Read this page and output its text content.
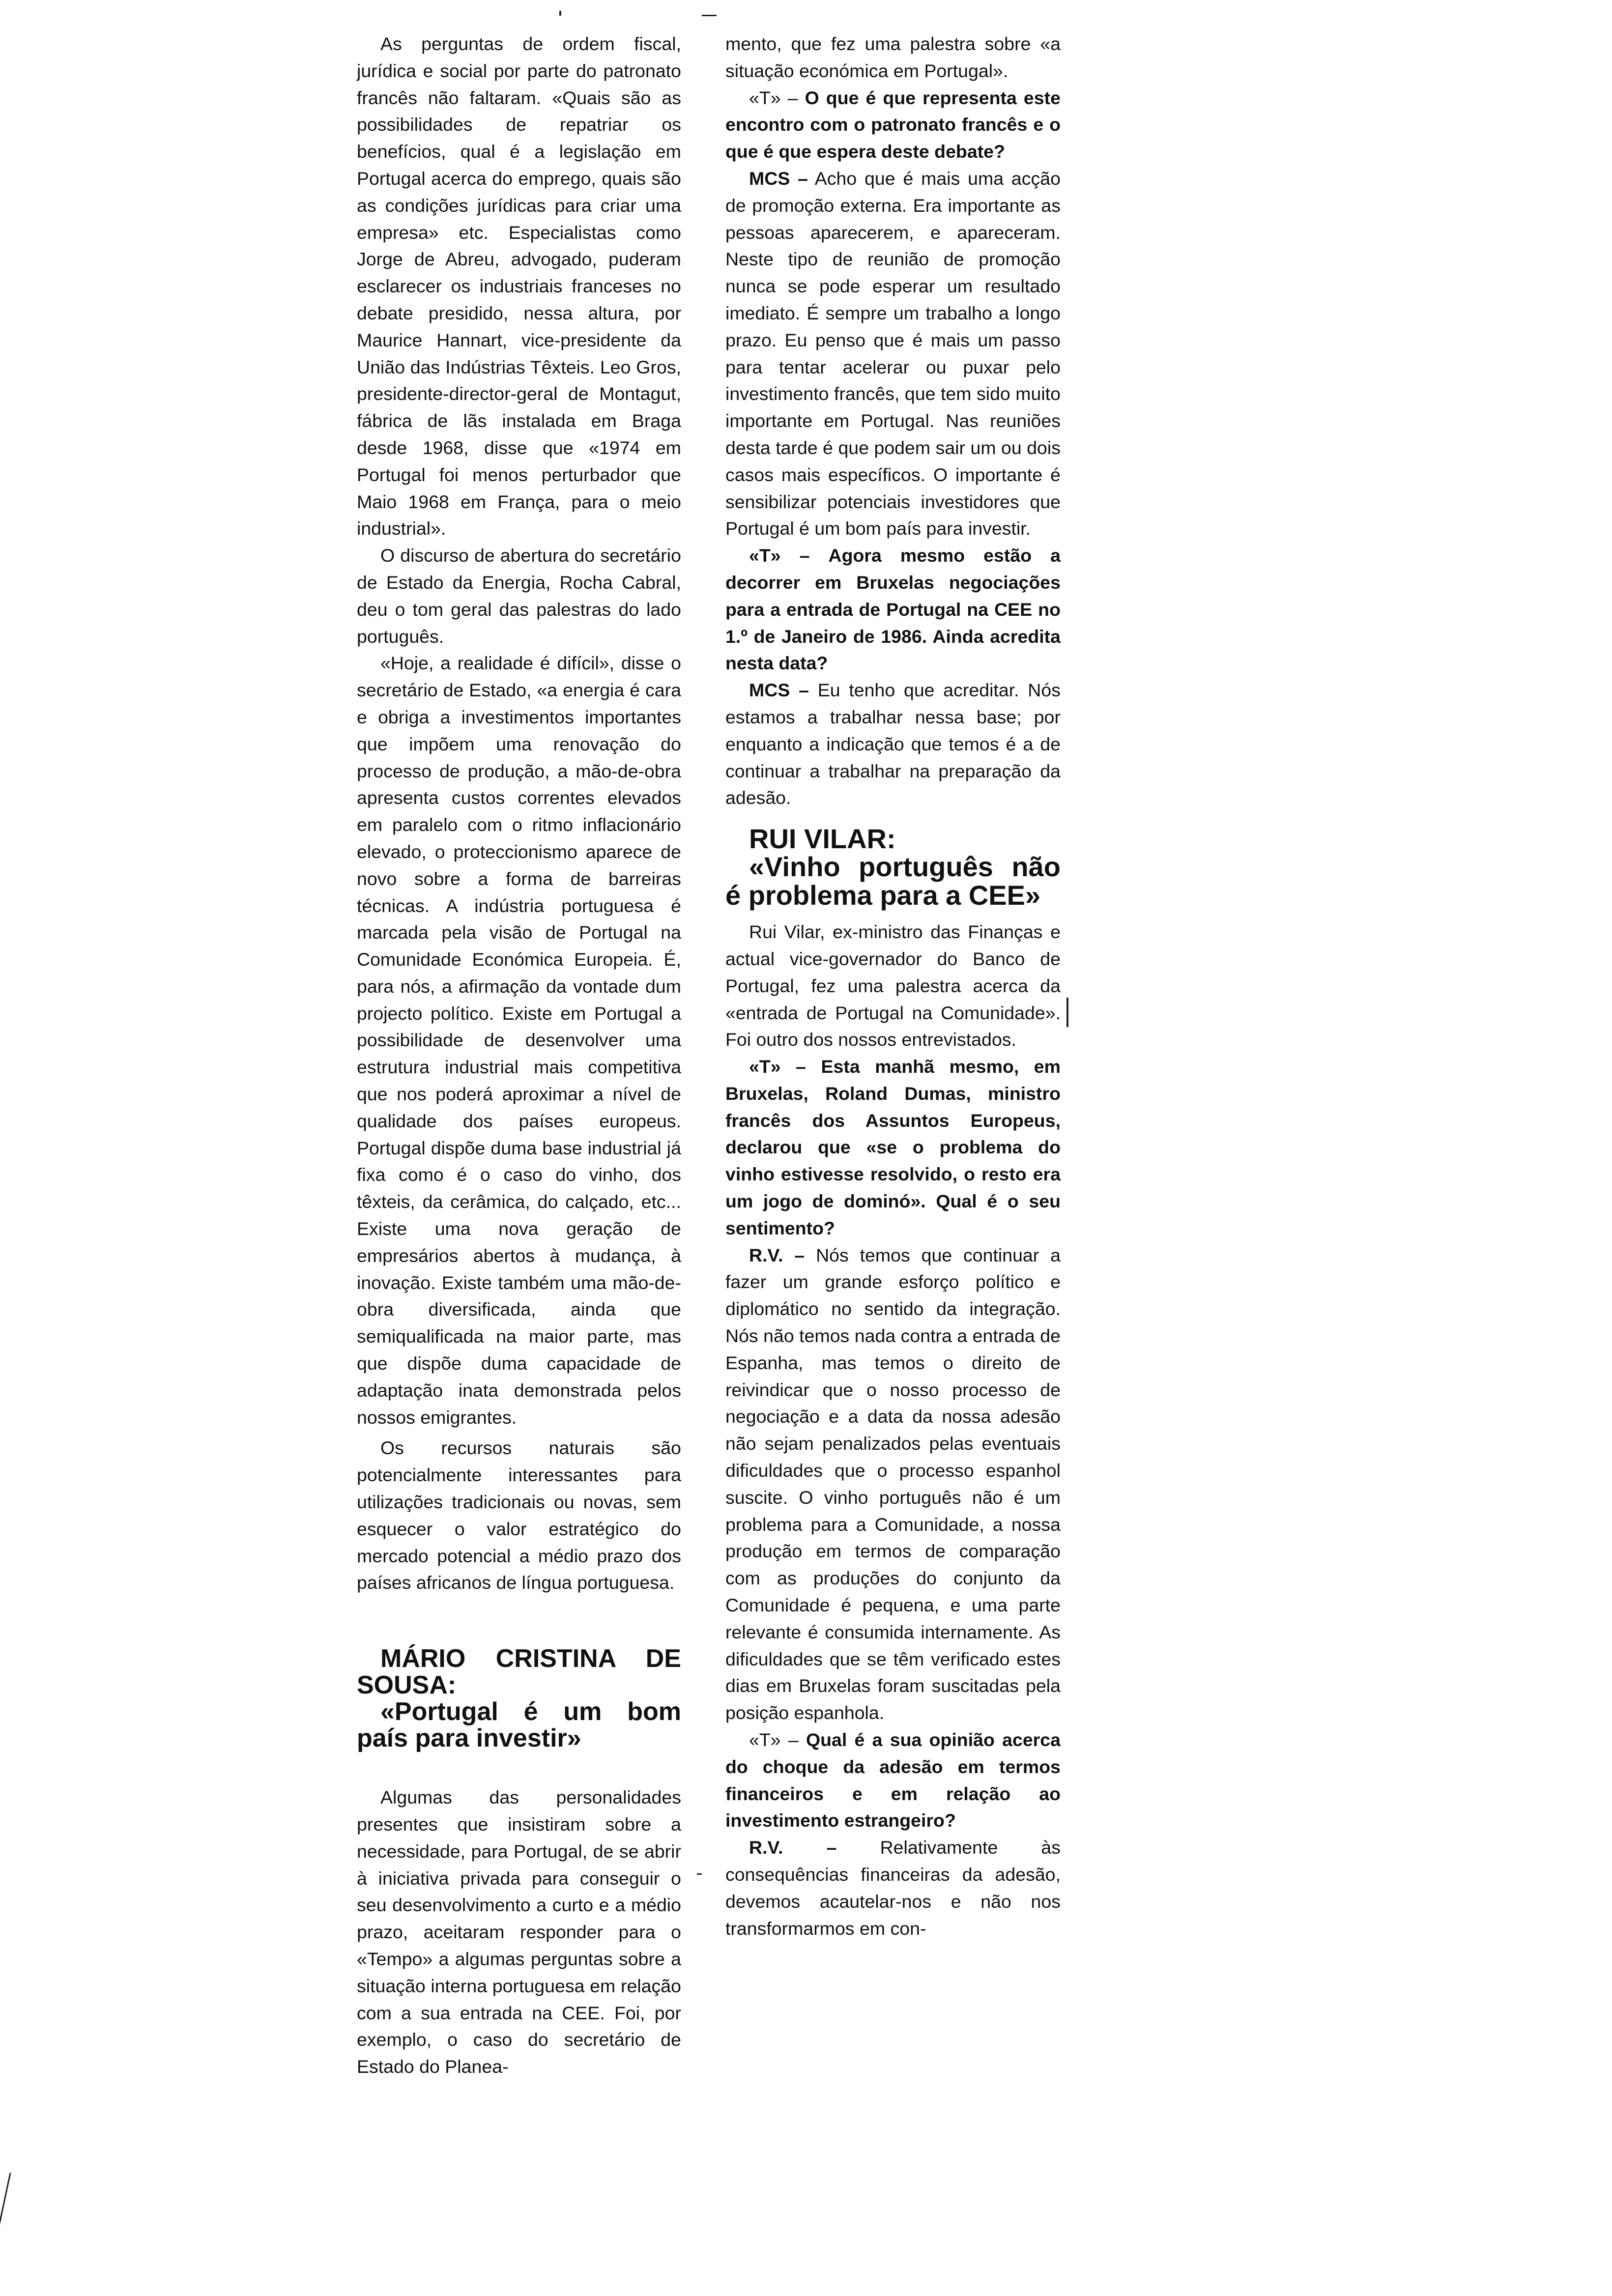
As perguntas de ordem fiscal, jurídica e social por parte do patronato francês não faltaram. «Quais são as possibilidades de repatriar os benefícios, qual é a legislação em Portugal acerca do emprego, quais são as condições jurídicas para criar uma empresa» etc. Especialistas como Jorge de Abreu, advogado, puderam esclarecer os industriais franceses no debate presidido, nessa altura, por Maurice Hannart, vice-presidente da União das Indústrias Têxteis. Leo Gros, presidente-director-geral de Montagut, fábrica de lãs instalada em Braga desde 1968, disse que «1974 em Portugal foi menos perturbador que Maio 1968 em França, para o meio industrial».

O discurso de abertura do secretário de Estado da Energia, Rocha Cabral, deu o tom geral das palestras do lado português.

«Hoje, a realidade é difícil», disse o secretário de Estado, «a energia é cara e obriga a investimentos importantes que impõem uma renovação do processo de produção, a mão-de-obra apresenta custos correntes elevados em paralelo com o ritmo inflacionário elevado, o proteccionismo aparece de novo sobre a forma de barreiras técnicas. A indústria portuguesa é marcada pela visão de Portugal na Comunidade Económica Europeia. É, para nós, a afirmação da vontade dum projecto político. Existe em Portugal a possibilidade de desenvolver uma estrutura industrial mais competitiva que nos poderá aproximar a nível de qualidade dos países europeus. Portugal dispõe duma base industrial já fixa como é o caso do vinho, dos têxteis, da cerâmica, do calçado, etc... Existe uma nova geração de empresários abertos à mudança, à inovação. Existe também uma mão-de-obra diversificada, ainda que semiqualificada na maior parte, mas que dispõe duma capacidade de adaptação inata demonstrada pelos nossos emigrantes.

Os recursos naturais são potencialmente interessantes para utilizações tradicionais ou novas, sem esquecer o valor estratégico do mercado potencial a médio prazo dos países africanos de língua portuguesa.

MÁRIO CRISTINA DE SOUSA:

«Portugal é um bom país para investir»

Algumas das personalidades presentes que insistiram sobre a necessidade, para Portugal, de se abrir à iniciativa privada para conseguir o seu desenvolvimento a curto e a médio prazo, aceitaram responder para o «Tempo» a algumas perguntas sobre a situação interna portuguesa em relação com a sua entrada na CEE. Foi, por exemplo, o caso do secretário de Estado do Planea-

mento, que fez uma palestra sobre «a situação económica em Portugal».

«T» – O que é que representa este encontro com o patronato francês e o que é que espera deste debate?

MCS – Acho que é mais uma acção de promoção externa. Era importante as pessoas aparecerem, e apareceram. Neste tipo de reunião de promoção nunca se pode esperar um resultado imediato. É sempre um trabalho a longo prazo. Eu penso que é mais um passo para tentar acelerar ou puxar pelo investimento francês, que tem sido muito importante em Portugal. Nas reuniões desta tarde é que podem sair um ou dois casos mais específicos. O importante é sensibilizar potenciais investidores que Portugal é um bom país para investir.

«T» – Agora mesmo estão a decorrer em Bruxelas negociações para a entrada de Portugal na CEE no 1.º de Janeiro de 1986. Ainda acredita nesta data?

MCS – Eu tenho que acreditar. Nós estamos a trabalhar nessa base; por enquanto a indicação que temos é a de continuar a trabalhar na preparação da adesão.

RUI VILAR:

«Vinho português não é problema para a CEE»

Rui Vilar, ex-ministro das Finanças e actual vice-governador do Banco de Portugal, fez uma palestra acerca da «entrada de Portugal na Comunidade». Foi outro dos nossos entrevistados.

«T» – Esta manhã mesmo, em Bruxelas, Roland Dumas, ministro francês dos Assuntos Europeus, declarou que «se o problema do vinho estivesse resolvido, o resto era um jogo de dominó». Qual é o seu sentimento?

R.V. – Nós temos que continuar a fazer um grande esforço político e diplomático no sentido da integração. Nós não temos nada contra a entrada de Espanha, mas temos o direito de reivindicar que o nosso processo de negociação e a data da nossa adesão não sejam penalizados pelas eventuais dificuldades que o processo espanhol suscite. O vinho português não é um problema para a Comunidade, a nossa produção em termos de comparação com as produções do conjunto da Comunidade é pequena, e uma parte relevante é consumida internamente. As dificuldades que se têm verificado estes dias em Bruxelas foram suscitadas pela posição espanhola.

«T» – Qual é a sua opinião acerca do choque da adesão em termos financeiros e em relação ao investimento estrangeiro?

R.V. – Relativamente às consequências financeiras da adesão, devemos acautelar-nos e não nos transformarmos em con-
